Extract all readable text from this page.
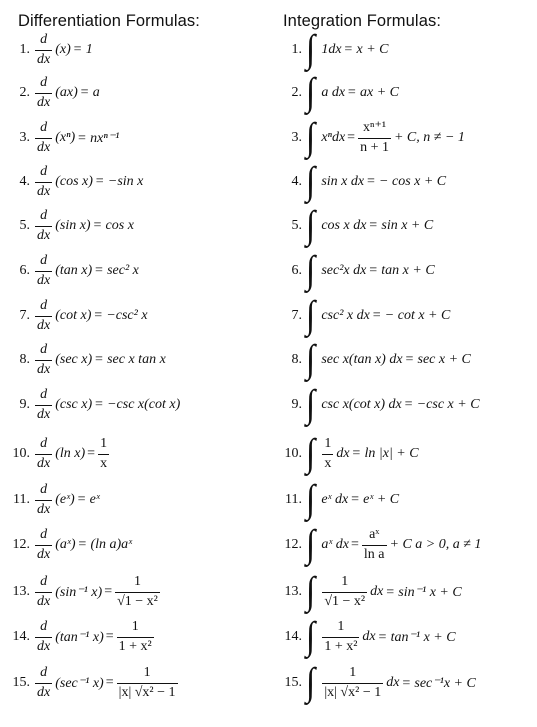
Differentiation Formulas:	Integration Formulas:
1. $\frac{d}{dx} (x) = 1$
2. $\frac{d}{dx} (ax) = a$
3. $\frac{d}{dx} (x^n) = nx^{n-1}$
4. $\frac{d}{dx} (\cos$ x) = −sin x
5. $\frac{d}{dx} (\sin$ x) = cos x
6. $\frac{d}{dx} (\tan$ x) = sec² x
7. $\frac{d}{dx} (\cot$ x) = −csc² x
8. $\frac{d}{dx} (\sec$ x) = sec x tan x
9. $\frac{d}{dx} (\csc$ x) = −csc x(cot x)
10. $\frac{d}{dx} (\ln$ $x) = \frac{1}{x}$
11. $\frac{d}{dx}$ (eˣ) = eˣ
12. $\frac{d}{dx}$ (aˣ) = (ln a)aˣ
13. $\frac{d}{dx} (\sin^{-1}$ $x) = \frac{1}{\text{√1 − x²}}$
14. $\frac{d}{dx} (\tan^{-1}$ $x) = \frac{1}{\text{1 + x²}}$
15. $\frac{d}{dx} (\sec^{-1}$ $x) = \frac{1}{\text{|x| √x² − 1}}$
1. ∫ 1dx = x + C
2. ∫ a dx = ax + C
3. ∫ $x^ndx = \frac{\text{xⁿ⁺¹}}{n + 1} + C$, n ≠ − 1
4. ∫ sin x dx = − cos x + C
5. ∫ cos x dx = sin x + C
6. ∫ sec²x dx = tan x + C
7. ∫ csc² x dx = − cot x + C
8. ∫ sec x(tan x) dx = sec x + C
9. ∫ csc x(cot x) dx = −csc x + C
10. ∫ $\frac{1}{x}$ dx = ln |x| + C
11. ∫ eˣ dx = eˣ + C
12. ∫ aˣ dx = $\frac{\text{aˣ}}{\text{ln a}} + C$ a > 0, a ≠ 1
13. ∫ $\frac{1}{\text{√1 − x²}}$ dx = sin⁻¹ x + C
14. ∫ $\frac{1}{\text{1 + x²}}$ dx = tan⁻¹ x + C
15. ∫ $\frac{1}{\text{|x| √x² − 1}}$ dx = sec⁻¹x + C
